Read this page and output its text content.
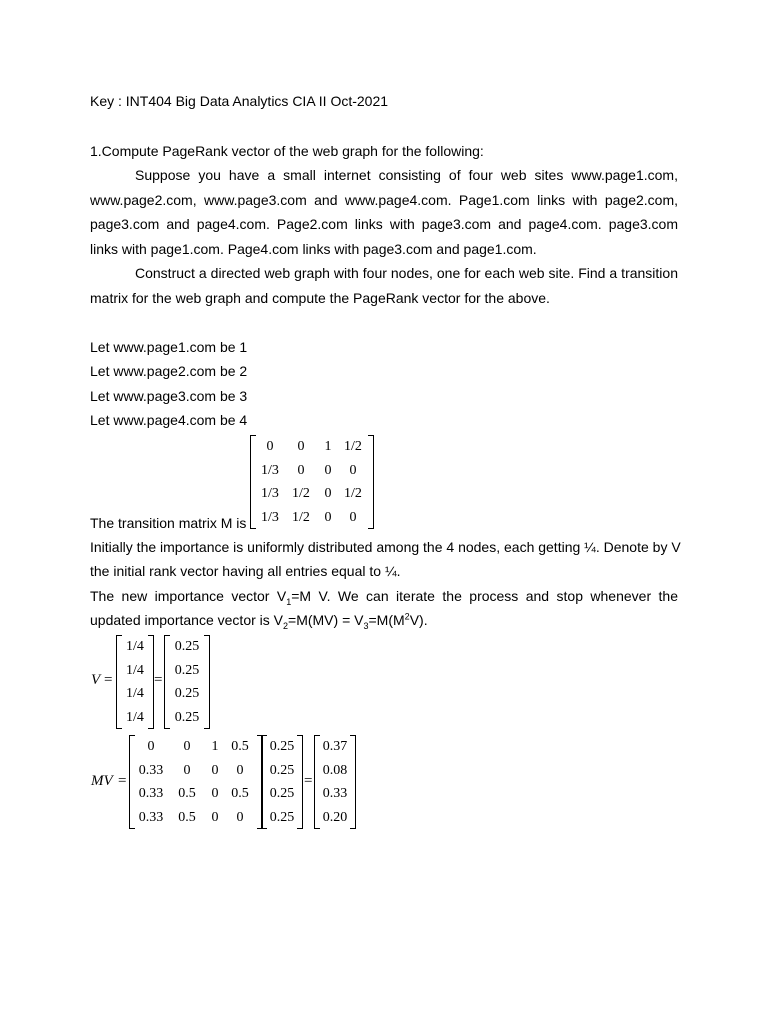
Key : INT404 Big Data Analytics CIA II Oct-2021
1.Compute PageRank vector of the web graph for the following:
Suppose you have a small internet consisting of four web sites www.page1.com,
www.page2.com, www.page3.com and www.page4.com. Page1.com links with page2.com,
page3.com and page4.com. Page2.com links with page3.com and page4.com. page3.com
links with page1.com. Page4.com links with page3.com and page1.com.
Construct a directed web graph with four nodes, one for each web site. Find a transition
matrix for the web graph and compute the PageRank vector for the above.
Let www.page1.com be 1
Let www.page2.com be 2
Let www.page3.com be 3
Let www.page4.com be 4
The transition matrix M is
0	0	1	1/2
1/3	0	0	0
1/3	1/2	0	1/2
1/3	1/2	0	0
Initially the importance is uniformly distributed among the 4 nodes, each getting ¼. Denote by V
the initial rank vector having all entries equal to ¼.
The new importance vector $V_1=M$ V. We can iterate the process and stop whenever the
updated importance vector is $V_2=M(MV) = V_3=M(M^2V)$.
V =
1/4
1/4
1/4
1/4
=
0.25
0.25
0.25
0.25
MV =
0	0	1	0.5
0.33	0	0	0
0.33	0.5	0	0.5
0.33	0.5	0	0
0.25
0.25
0.25
0.25
=
0.37
0.08
0.33
0.20
